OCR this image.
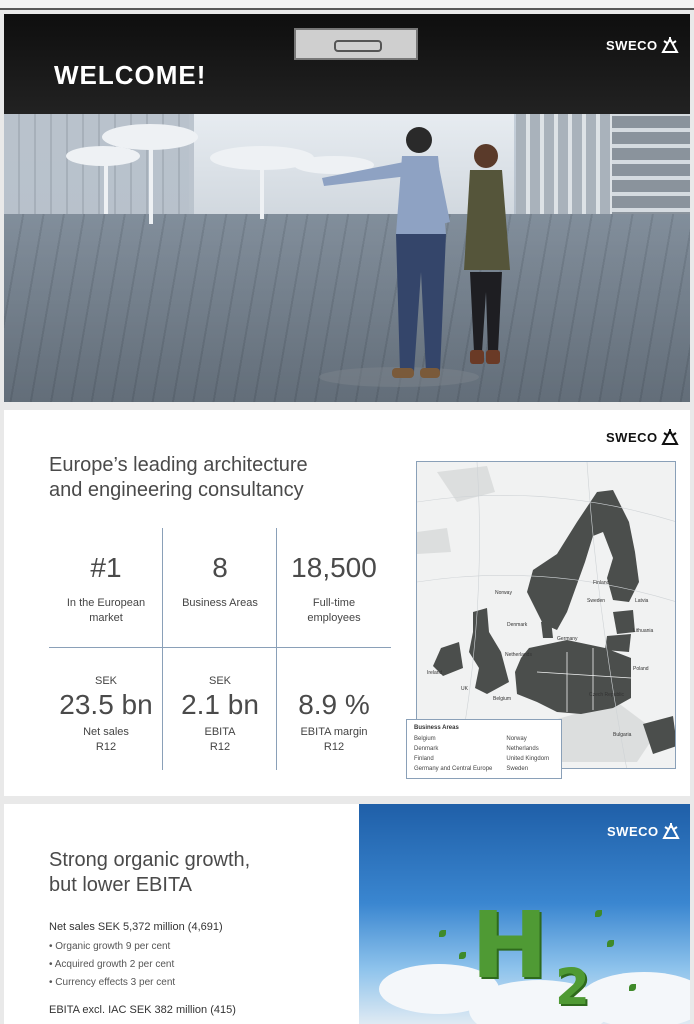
WELCOME!
SWECO
SWECO
Europe’s leading architecture
and engineering consultancy
#1
In the European
market
8
Business Areas
18,500
Full-time
employees
SEK
23.5 bn
Net sales
R12
SEK
2.1 bn
EBITA
R12
8.9 %
EBITA margin
R12
Norway
Finland
Sweden	Latvia
Denmark
Lithuania
Germany
Netherlands
Ireland
UK
Belgium
Poland
Czech Republic
Bulgaria
Business Areas
Belgium
Denmark
Finland
Germany and Central Europe
Norway
Netherlands
United Kingdom
Sweden
Strong organic growth,
but lower EBITA
Net sales SEK 5,372 million (4,691)
• Organic growth 9 per cent
• Acquired growth 2 per cent
• Currency effects 3 per cent
EBITA excl. IAC SEK 382 million (415)
H 2
SWECO
